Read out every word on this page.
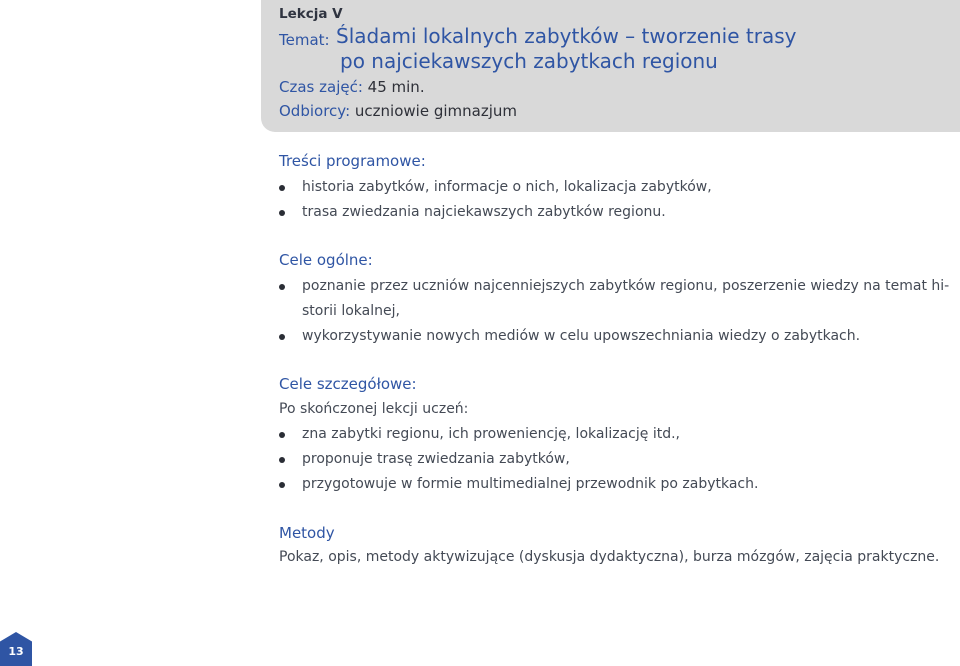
Lekcja V
Temat: Śladami lokalnych zabytków – tworzenie trasy
po najciekawszych zabytkach regionu
Czas zajęć: 45 min.
Odbiorcy: uczniowie gimnazjum
Treści programowe:
historia zabytków, informacje o nich, lokalizacja zabytków,
trasa zwiedzania najciekawszych zabytków regionu.
Cele ogólne:
poznanie przez uczniów najcenniejszych zabytków regionu, poszerzenie wiedzy na temat hi-
storii lokalnej,
wykorzystywanie nowych mediów w celu upowszechniania wiedzy o zabytkach.
Cele szczegółowe:
Po skończonej lekcji uczeń:
zna zabytki regionu, ich proweniencję, lokalizację itd.,
proponuje trasę zwiedzania zabytków,
przygotowuje w formie multimedialnej przewodnik po zabytkach.
Metody
Pokaz, opis, metody aktywizujące (dyskusja dydaktyczna), burza mózgów, zajęcia praktyczne.
13
